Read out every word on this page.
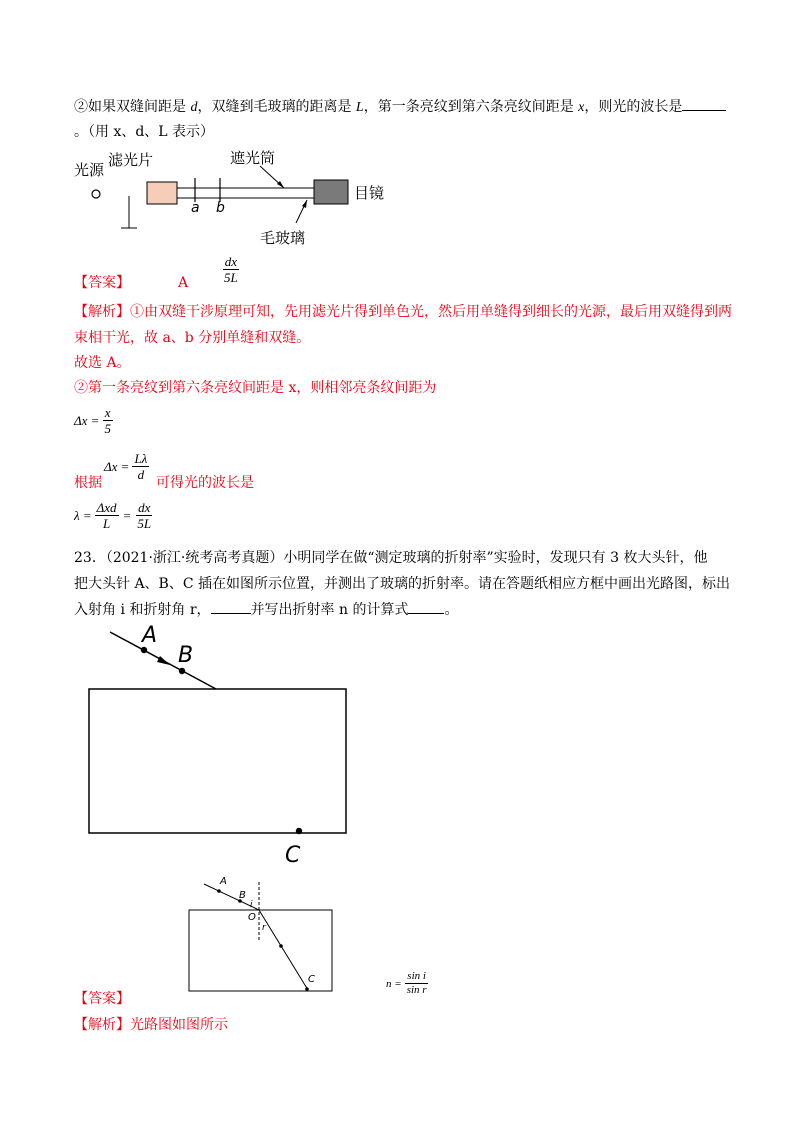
②如果双缝间距是 d，双缝到毛玻璃的距离是 L，第一条亮纹到第六条亮纹间距是 x，则光的波长是
。（用 x、d、L 表示）
光源
滤光片
a b
遮光筒
目镜
毛玻璃
【答案】	A	$\frac{dx}{5L}$
【解析】①由双缝干涉原理可知，先用滤光片得到单色光，然后用单缝得到细长的光源，最后用双缝得到两
束相干光，故 a、b 分别单缝和双缝。
故选 A。
②第一条亮纹到第六条亮纹间距是 x，则相邻亮条纹间距为
$\Delta x = \frac{x}{5}$
根据
$\Delta x = \frac{L\lambda}{d}$
可得光的波长是
$\lambda = \frac{\text{Δxd}}{L} = \frac{dx}{5L}$
23．（2021·浙江·统考高考真题）小明同学在做“测定玻璃的折射率”实验时，发现只有 3 枚大头针，他
把大头针 A、B、C 插在如图所示位置，并测出了玻璃的折射率。请在答题纸相应方框中画出光路图，标出
入射角 i 和折射角 r，	并写出折射率 n 的计算式	。
A
B
C
A
B
i
O
r
C	$n = \frac{\text{sin i}}{\text{sin r}}$
【答案】
【解析】光路图如图所示
